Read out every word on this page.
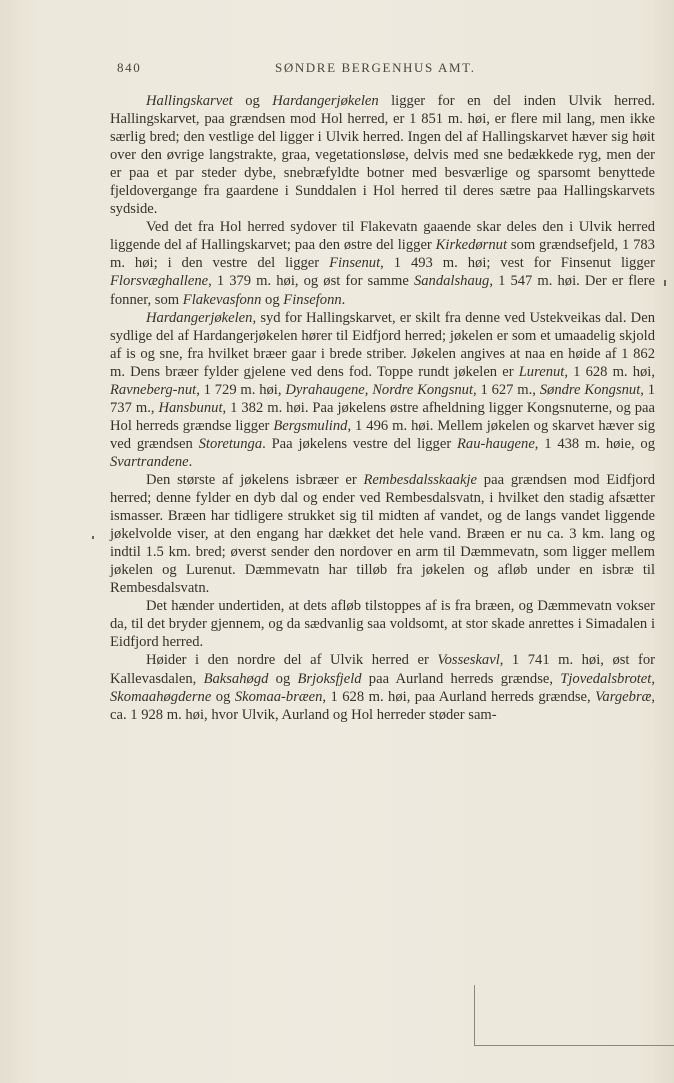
840	SØNDRE BERGENHUS AMT.

Hallingskarvet og Hardangerjøkelen ligger for en del inden Ulvik herred. Hallingskarvet, paa grændsen mod Hol herred, er 1 851 m. høi, er flere mil lang, men ikke særlig bred; den vestlige del ligger i Ulvik herred. Ingen del af Hallingskarvet hæver sig høit over den øvrige langstrakte, graa, vegetationsløse, delvis med sne bedækkede ryg, men der er paa et par steder dybe, snebræfyldte botner med besværlige og sparsomt benyttede fjeldovergange fra gaardene i Sunddalen i Hol herred til deres sætre paa Hallingskarvets sydside.

Ved det fra Hol herred sydover til Flakevatn gaaende skar deles den i Ulvik herred liggende del af Hallingskarvet; paa den østre del ligger Kirkedørnut som grændsefjeld, 1 783 m. høi; i den vestre del ligger Finsenut, 1 493 m. høi; vest for Finsenut ligger Florsvæghallene, 1 379 m. høi, og øst for samme Sandalshaug, 1 547 m. høi. Der er flere fonner, som Flakevasfonn og Finsefonn.

Hardangerjøkelen, syd for Hallingskarvet, er skilt fra denne ved Ustekveikas dal. Den sydlige del af Hardangerjøkelen hører til Eidfjord herred; jøkelen er som et umaadelig skjold af is og sne, fra hvilket bræer gaar i brede striber. Jøkelen angives at naa en høide af 1 862 m. Dens bræer fylder gjelene ved dens fod. Toppe rundt jøkelen er Lurenut, 1 628 m. høi, Ravneberg-nut, 1 729 m. høi, Dyrahaugene, Nordre Kongsnut, 1 627 m., Søndre Kongsnut, 1 737 m., Hansbunut, 1 382 m. høi. Paa jøkelens østre afheldning ligger Kongsnuterne, og paa Hol herreds grændse ligger Bergsmulind, 1 496 m. høi. Mellem jøkelen og skarvet hæver sig ved grændsen Storetunga. Paa jøkelens vestre del ligger Rau-haugene, 1 438 m. høie, og Svartrandene.

Den største af jøkelens isbræer er Rembesdalsskaakje paa grændsen mod Eidfjord herred; denne fylder en dyb dal og ender ved Rembesdalsvatn, i hvilket den stadig afsætter ismasser. Bræen har tidligere strukket sig til midten af vandet, og de langs vandet liggende jøkelvolde viser, at den engang har dækket det hele vand. Bræen er nu ca. 3 km. lang og indtil 1.5 km. bred; øverst sender den nordover en arm til Dæmmevatn, som ligger mellem jøkelen og Lurenut. Dæmmevatn har tilløb fra jøkelen og afløb under en isbræ til Rembesdalsvatn.

Det hænder undertiden, at dets afløb tilstoppes af is fra bræen, og Dæmmevatn vokser da, til det bryder gjennem, og da sædvanlig saa voldsomt, at stor skade anrettes i Simadalen i Eidfjord herred.

Høider i den nordre del af Ulvik herred er Vosseskavl, 1 741 m. høi, øst for Kallevasdalen, Baksahøgd og Brjoksfjeld paa Aurland herreds grændse, Tjovedalsbrotet, Skomaahøgderne og Skomaa-bræen, 1 628 m. høi, paa Aurland herreds grændse, Vargebræ, ca. 1 928 m. høi, hvor Ulvik, Aurland og Hol herreder støder sam-
